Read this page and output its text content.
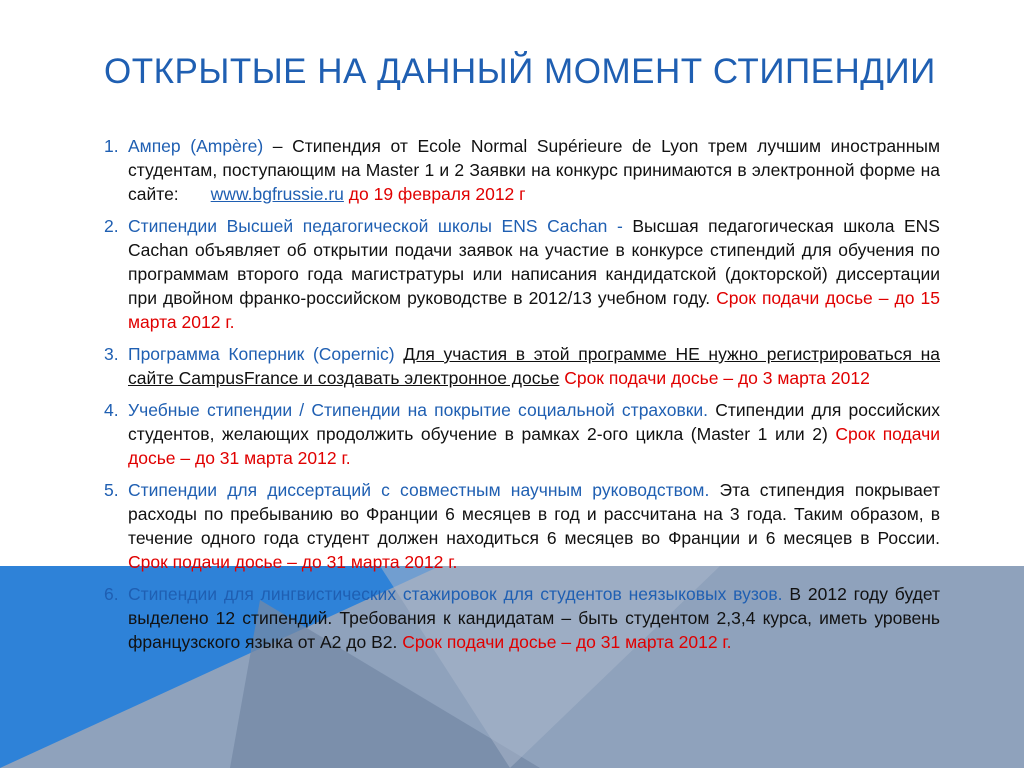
ОТКРЫТЫЕ НА ДАННЫЙ МОМЕНТ СТИПЕНДИИ
1. Ампер (Ampère) – Стипендия от Ecole Normal Supérieure de Lyon трем лучшим иностранным студентам, поступающим на Master 1 и 2 Заявки на конкурс принимаются в электронной форме на сайте: www.bgfrussie.ru до 19 февраля 2012 г
2. Стипендии Высшей педагогической школы ENS Cachan - Высшая педагогическая школа ENS Cachan объявляет об открытии подачи заявок на участие в конкурсе стипендий для обучения по программам второго года магистратуры или написания кандидатской (докторской) диссертации при двойном франко-российском руководстве в 2012/13 учебном году. Срок подачи досье – до 15 марта 2012 г.
3. Программа Коперник (Copernic) Для участия в этой программе НЕ нужно регистрироваться на сайте CampusFrance и создавать электронное досье Срок подачи досье – до 3 марта 2012
4. Учебные стипендии / Стипендии на покрытие социальной страховки. Стипендии для российских студентов, желающих продолжить обучение в рамках 2-ого цикла (Master 1 или 2) Срок подачи досье – до 31 марта 2012 г.
5. Стипендии для диссертаций с совместным научным руководством. Эта стипендия покрывает расходы по пребыванию во Франции 6 месяцев в год и рассчитана на 3 года. Таким образом, в течение одного года студент должен находиться 6 месяцев во Франции и 6 месяцев в России. Срок подачи досье – до 31 марта 2012 г.
6. Стипендии для лингвистических стажировок для студентов неязыковых вузов. В 2012 году будет выделено 12 стипендий. Требования к кандидатам – быть студентом 2,3,4 курса, иметь уровень французского языка от А2 до В2. Срок подачи досье – до 31 марта 2012 г.
